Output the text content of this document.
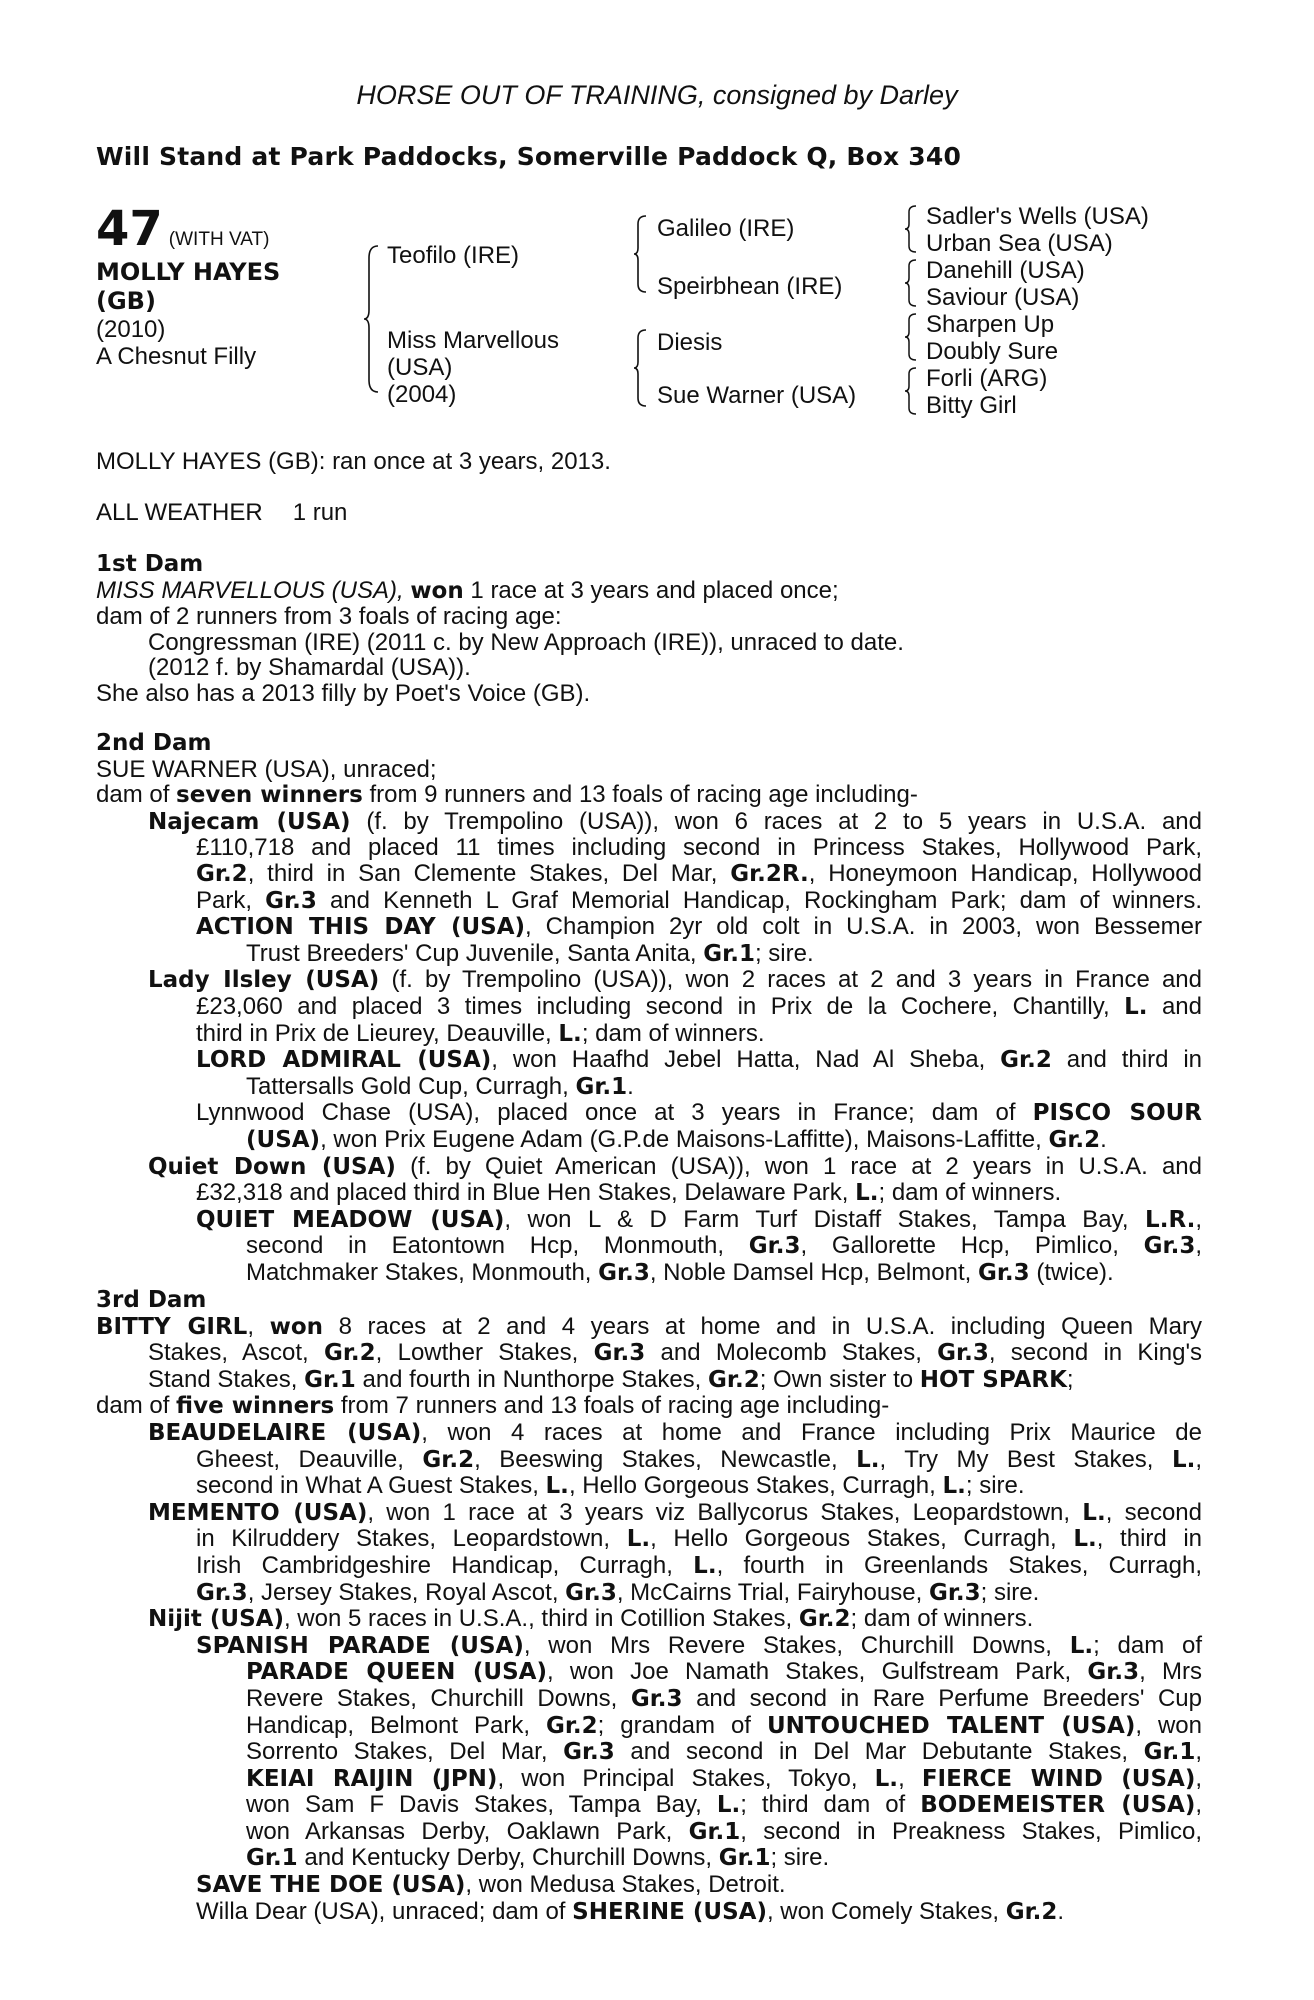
HORSE OUT OF TRAINING, consigned by Darley
Will Stand at Park Paddocks, Somerville Paddock Q, Box 340
47 (WITH VAT)
MOLLY HAYES
(GB)
(2010)
A Chesnut Filly
Teofilo (IRE)
Miss Marvellous
(USA)
(2004)
Galileo (IRE)
Speirbhean (IRE)
Diesis
Sue Warner (USA)
Sadler's Wells (USA)
Urban Sea (USA)
Danehill (USA)
Saviour (USA)
Sharpen Up
Doubly Sure
Forli (ARG)
Bitty Girl
MOLLY HAYES (GB): ran once at 3 years, 2013.
ALL WEATHER 1 run
1st Dam
MISS MARVELLOUS (USA), won 1 race at 3 years and placed once;
dam of 2 runners from 3 foals of racing age:
Congressman (IRE) (2011 c. by New Approach (IRE)), unraced to date.
(2012 f. by Shamardal (USA)).
She also has a 2013 filly by Poet's Voice (GB).
2nd Dam
SUE WARNER (USA), unraced;
dam of seven winners from 9 runners and 13 foals of racing age including-
Najecam (USA) (f. by Trempolino (USA)), won 6 races at 2 to 5 years in U.S.A. and
£110,718 and placed 11 times including second in Princess Stakes, Hollywood Park,
Gr.2, third in San Clemente Stakes, Del Mar, Gr.2R., Honeymoon Handicap, Hollywood
Park, Gr.3 and Kenneth L Graf Memorial Handicap, Rockingham Park; dam of winners.
ACTION THIS DAY (USA), Champion 2yr old colt in U.S.A. in 2003, won Bessemer
Trust Breeders' Cup Juvenile, Santa Anita, Gr.1; sire.
Lady Ilsley (USA) (f. by Trempolino (USA)), won 2 races at 2 and 3 years in France and
£23,060 and placed 3 times including second in Prix de la Cochere, Chantilly, L. and
third in Prix de Lieurey, Deauville, L.; dam of winners.
LORD ADMIRAL (USA), won Haafhd Jebel Hatta, Nad Al Sheba, Gr.2 and third in
Tattersalls Gold Cup, Curragh, Gr.1.
Lynnwood Chase (USA), placed once at 3 years in France; dam of PISCO SOUR
(USA), won Prix Eugene Adam (G.P.de Maisons-Laffitte), Maisons-Laffitte, Gr.2.
Quiet Down (USA) (f. by Quiet American (USA)), won 1 race at 2 years in U.S.A. and
£32,318 and placed third in Blue Hen Stakes, Delaware Park, L.; dam of winners.
QUIET MEADOW (USA), won L & D Farm Turf Distaff Stakes, Tampa Bay, L.R.,
second in Eatontown Hcp, Monmouth, Gr.3, Gallorette Hcp, Pimlico, Gr.3,
Matchmaker Stakes, Monmouth, Gr.3, Noble Damsel Hcp, Belmont, Gr.3 (twice).
3rd Dam
BITTY GIRL, won 8 races at 2 and 4 years at home and in U.S.A. including Queen Mary
Stakes, Ascot, Gr.2, Lowther Stakes, Gr.3 and Molecomb Stakes, Gr.3, second in King's
Stand Stakes, Gr.1 and fourth in Nunthorpe Stakes, Gr.2; Own sister to HOT SPARK;
dam of five winners from 7 runners and 13 foals of racing age including-
BEAUDELAIRE (USA), won 4 races at home and France including Prix Maurice de
Gheest, Deauville, Gr.2, Beeswing Stakes, Newcastle, L., Try My Best Stakes, L.,
second in What A Guest Stakes, L., Hello Gorgeous Stakes, Curragh, L.; sire.
MEMENTO (USA), won 1 race at 3 years viz Ballycorus Stakes, Leopardstown, L., second
in Kilruddery Stakes, Leopardstown, L., Hello Gorgeous Stakes, Curragh, L., third in
Irish Cambridgeshire Handicap, Curragh, L., fourth in Greenlands Stakes, Curragh,
Gr.3, Jersey Stakes, Royal Ascot, Gr.3, McCairns Trial, Fairyhouse, Gr.3; sire.
Nijit (USA), won 5 races in U.S.A., third in Cotillion Stakes, Gr.2; dam of winners.
SPANISH PARADE (USA), won Mrs Revere Stakes, Churchill Downs, L.; dam of
PARADE QUEEN (USA), won Joe Namath Stakes, Gulfstream Park, Gr.3, Mrs
Revere Stakes, Churchill Downs, Gr.3 and second in Rare Perfume Breeders' Cup
Handicap, Belmont Park, Gr.2; grandam of UNTOUCHED TALENT (USA), won
Sorrento Stakes, Del Mar, Gr.3 and second in Del Mar Debutante Stakes, Gr.1,
KEIAI RAIJIN (JPN), won Principal Stakes, Tokyo, L., FIERCE WIND (USA),
won Sam F Davis Stakes, Tampa Bay, L.; third dam of BODEMEISTER (USA),
won Arkansas Derby, Oaklawn Park, Gr.1, second in Preakness Stakes, Pimlico,
Gr.1 and Kentucky Derby, Churchill Downs, Gr.1; sire.
SAVE THE DOE (USA), won Medusa Stakes, Detroit.
Willa Dear (USA), unraced; dam of SHERINE (USA), won Comely Stakes, Gr.2.
